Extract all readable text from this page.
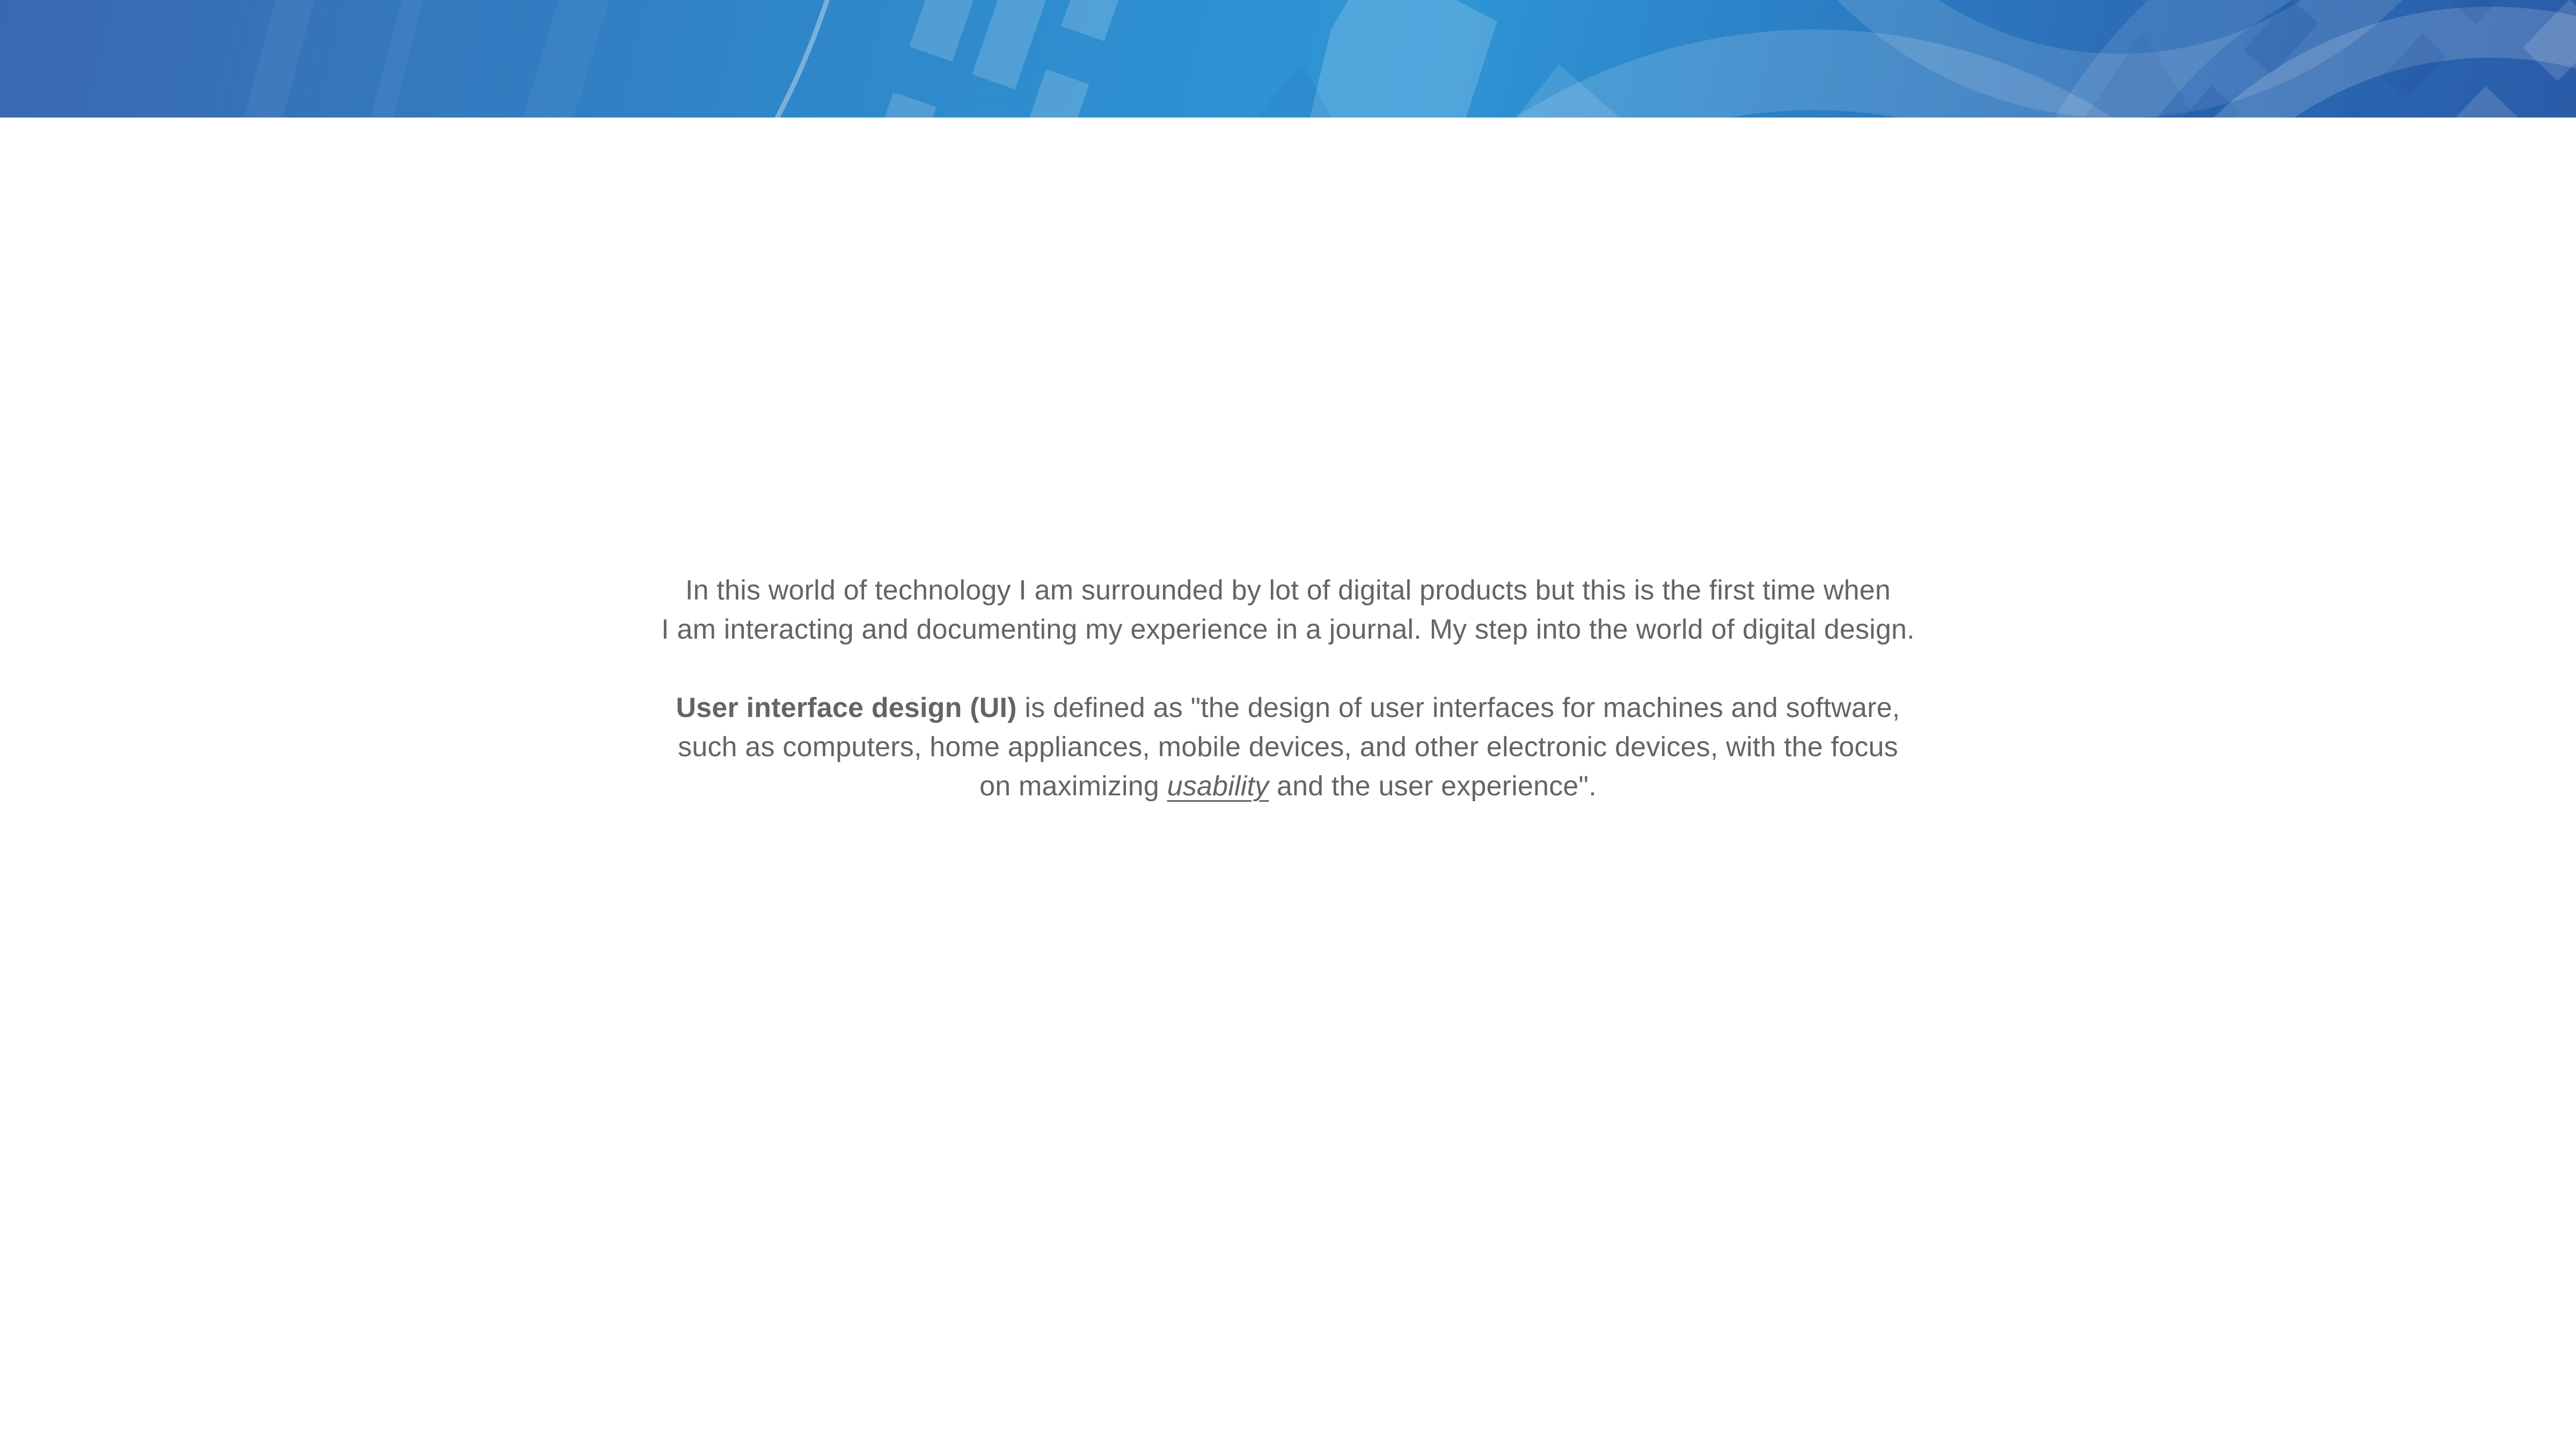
In this world of technology I am surrounded by lot of digital products but this is the first time when
I am interacting and documenting my experience in a journal. My step into the world of digital design.

User interface design (UI) is defined as "the design of user interfaces for machines and software,
such as computers, home appliances, mobile devices, and other electronic devices, with the focus
on maximizing usability and the user experience".
